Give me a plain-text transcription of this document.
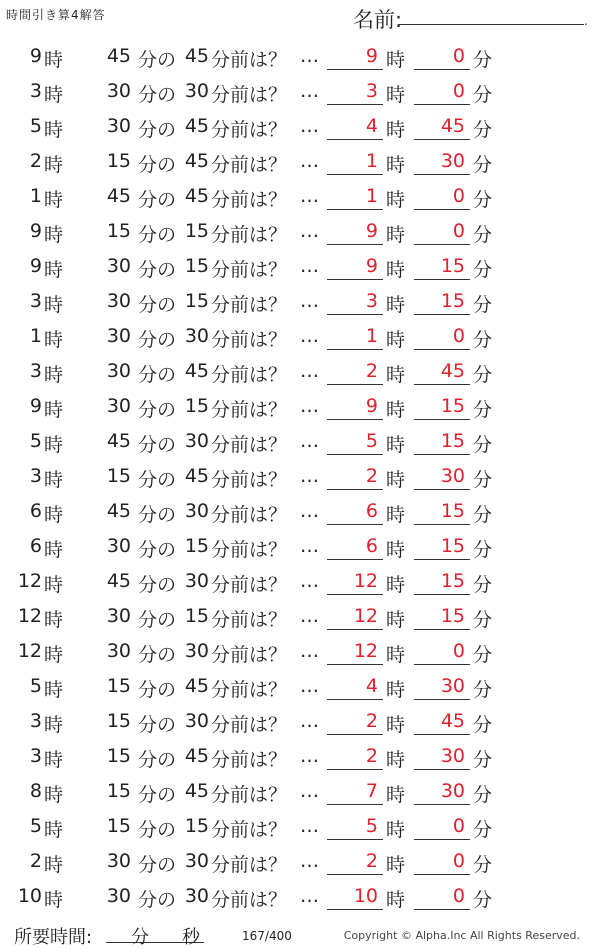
時間引き算4解答	名前:	.
9 時 45 分の 45 分前は？ … 9 時	0 分
3 時 30 分の 30 分前は？ … 3 時	0 分
5 時 30 分の 45 分前は？ … 4 時 45 分
2 時 15 分の 45 分前は？ … 1 時 30 分
1 時 45 分の 45 分前は？ … 1 時	0 分
9 時 15 分の 15 分前は？ … 9 時	0 分
9 時 30 分の 15 分前は？ … 9 時 15 分
3 時 30 分の 15 分前は？ … 3 時 15 分
1 時 30 分の 30 分前は？ … 1 時	0 分
3 時 30 分の 45 分前は？ … 2 時 45 分
9 時 30 分の 15 分前は？ … 9 時 15 分
5 時 45 分の 30 分前は？ … 5 時 15 分
3 時 15 分の 45 分前は？ … 2 時 30 分
6 時 45 分の 30 分前は？ … 6 時 15 分
6 時 30 分の 15 分前は？ … 6 時 15 分
12 時 45 分の 30 分前は？ … 12 時 15 分
12 時 30 分の 15 分前は？ … 12 時 15 分
12 時 30 分の 30 分前は？ … 12 時	0 分
5 時 15 分の 45 分前は？ … 4 時 30 分
3 時 15 分の 30 分前は？ … 2 時 45 分
3 時 15 分の 45 分前は？ … 2 時 30 分
8 時 15 分の 45 分前は？ … 7 時 30 分
5 時 15 分の 15 分前は？ … 5 時	0 分
2 時 30 分の 30 分前は？ … 2 時	0 分
10 時 30 分の 30 分前は？ … 10 時	0 分
所要時間: 分 秒	167/400	Copyright © Alpha.Inc All Rights Reserved.
